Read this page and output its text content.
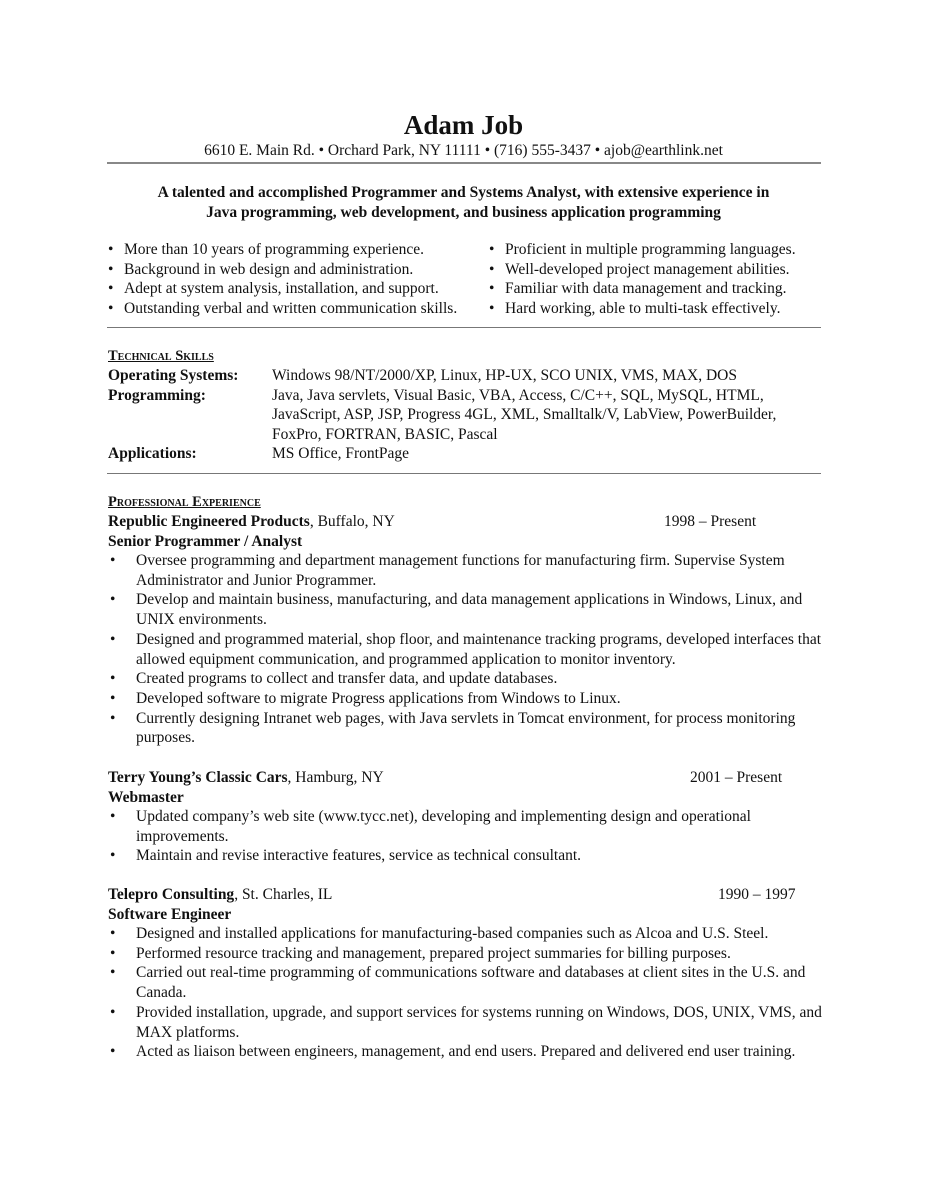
Adam Job
6610 E. Main Rd. • Orchard Park, NY 11111 • (716) 555-3437 • ajob@earthlink.net
A talented and accomplished Programmer and Systems Analyst, with extensive experience in
Java programming, web development, and business application programming
• More than 10 years of programming experience.
• Background in web design and administration.
• Adept at system analysis, installation, and support.
• Outstanding verbal and written communication skills.
• Proficient in multiple programming languages.
• Well-developed project management abilities.
• Familiar with data management and tracking.
• Hard working, able to multi-task effectively.
Technical Skills
Operating Systems: Windows 98/NT/2000/XP, Linux, HP-UX, SCO UNIX, VMS, MAX, DOS
Programming:	Java, Java servlets, Visual Basic, VBA, Access, C/C++, SQL, MySQL, HTML, JavaScript, ASP, JSP, Progress 4GL, XML, Smalltalk/V, LabView, PowerBuilder, FoxPro, FORTRAN, BASIC, Pascal
Applications:	MS Office, FrontPage
Professional Experience
Republic Engineered Products, Buffalo, NY	1998 – Present
Senior Programmer / Analyst
• Oversee programming and department management functions for manufacturing firm. Supervise System Administrator and Junior Programmer.
• Develop and maintain business, manufacturing, and data management applications in Windows, Linux, and UNIX environments.
• Designed and programmed material, shop floor, and maintenance tracking programs, developed interfaces that allowed equipment communication, and programmed application to monitor inventory.
• Created programs to collect and transfer data, and update databases.
• Developed software to migrate Progress applications from Windows to Linux.
• Currently designing Intranet web pages, with Java servlets in Tomcat environment, for process monitoring purposes.
Terry Young’s Classic Cars, Hamburg, NY	2001 – Present
Webmaster
• Updated company’s web site (www.tycc.net), developing and implementing design and operational improvements.
• Maintain and revise interactive features, service as technical consultant.
Telepro Consulting, St. Charles, IL	1990 – 1997
Software Engineer
• Designed and installed applications for manufacturing-based companies such as Alcoa and U.S. Steel.
• Performed resource tracking and management, prepared project summaries for billing purposes.
• Carried out real-time programming of communications software and databases at client sites in the U.S. and Canada.
• Provided installation, upgrade, and support services for systems running on Windows, DOS, UNIX, VMS, and MAX platforms.
• Acted as liaison between engineers, management, and end users. Prepared and delivered end user training.
